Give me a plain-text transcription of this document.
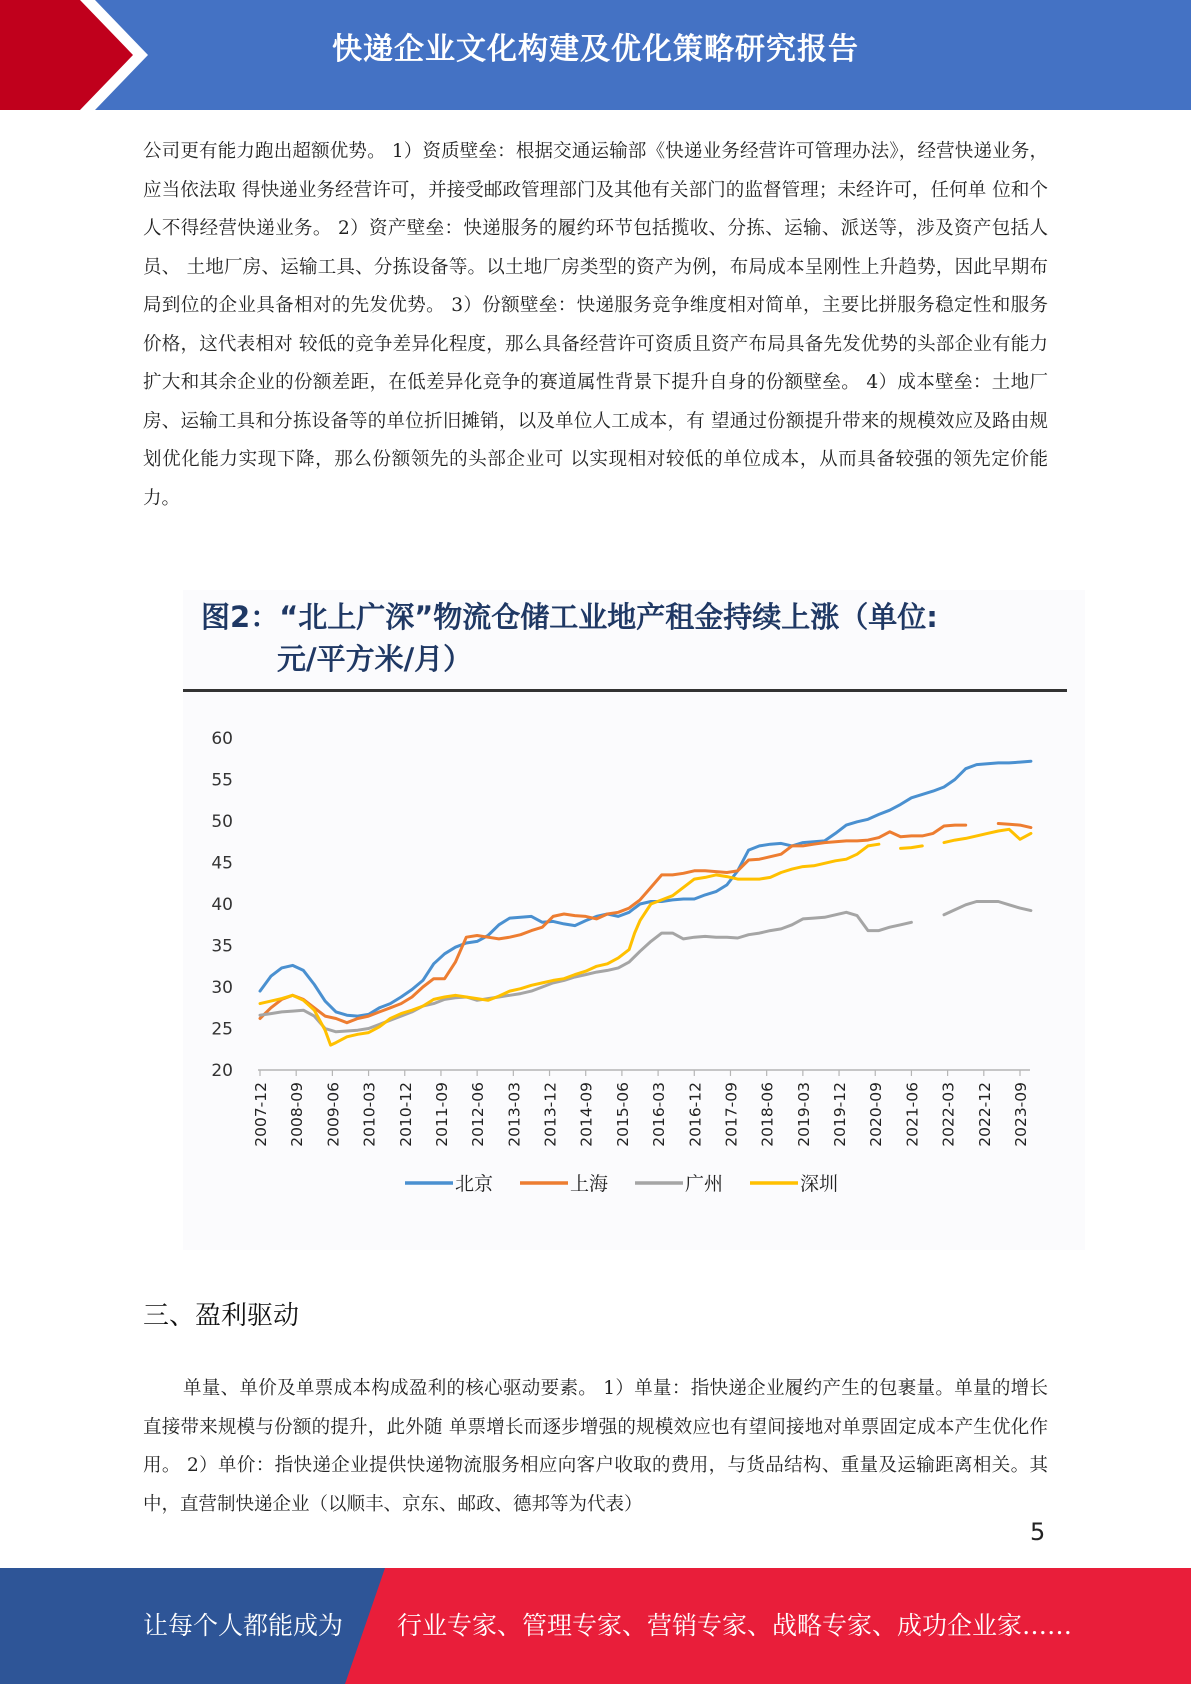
快递企业文化构建及优化策略研究报告

公司更有能力跑出超额优势。 1）资质壁垒：根据交通运输部《快递业务经营许可管理办法》，经营快递业务，应当依法取 得快递业务经营许可，并接受邮政管理部门及其他有关部门的监督管理；未经许可，任何单 位和个人不得经营快递业务。 2）资产壁垒：快递服务的履约环节包括揽收、分拣、运输、派送等，涉及资产包括人员、 土地厂房、运输工具、分拣设备等。以土地厂房类型的资产为例，布局成本呈刚性上升趋势，因此早期布局到位的企业具备相对的先发优势。 3）份额壁垒：快递服务竞争维度相对简单，主要比拼服务稳定性和服务价格，这代表相对 较低的竞争差异化程度，那么具备经营许可资质且资产布局具备先发优势的头部企业有能力 扩大和其余企业的份额差距，在低差异化竞争的赛道属性背景下提升自身的份额壁垒。 4）成本壁垒：土地厂房、运输工具和分拣设备等的单位折旧摊销，以及单位人工成本，有 望通过份额提升带来的规模效应及路由规划优化能力实现下降，那么份额领先的头部企业可 以实现相对较低的单位成本，从而具备较强的领先定价能力。

图2：“北上广深”物流仓储工业地产租金持续上涨（单位:
元/平方米/月）
20
25
30
35
40
45
50
55
60
2007-12 2008-09 2009-06 2010-03 2010-12 2011-09 2012-06 2013-03 2013-12 2014-09 2015-06 2016-03 2016-12 2017-09 2018-06 2019-03 2019-12 2020-09 2021-06 2022-03 2022-12 2023-09
北京	上海	广州	深圳
三、盈利驱动

单量、单价及单票成本构成盈利的核心驱动要素。 1）单量：指快递企业履约产生的包裹量。单量的增长直接带来规模与份额的提升，此外随 单票增长而逐步增强的规模效应也有望间接地对单票固定成本产生优化作用。 2）单价：指快递企业提供快递物流服务相应向客户收取的费用，与货品结构、重量及运输距离相关。其中，直营制快递企业（以顺丰、京东、邮政、德邦等为代表）

5
让每个人都能成为 行业专家、管理专家、营销专家、战略专家、成功企业家……
